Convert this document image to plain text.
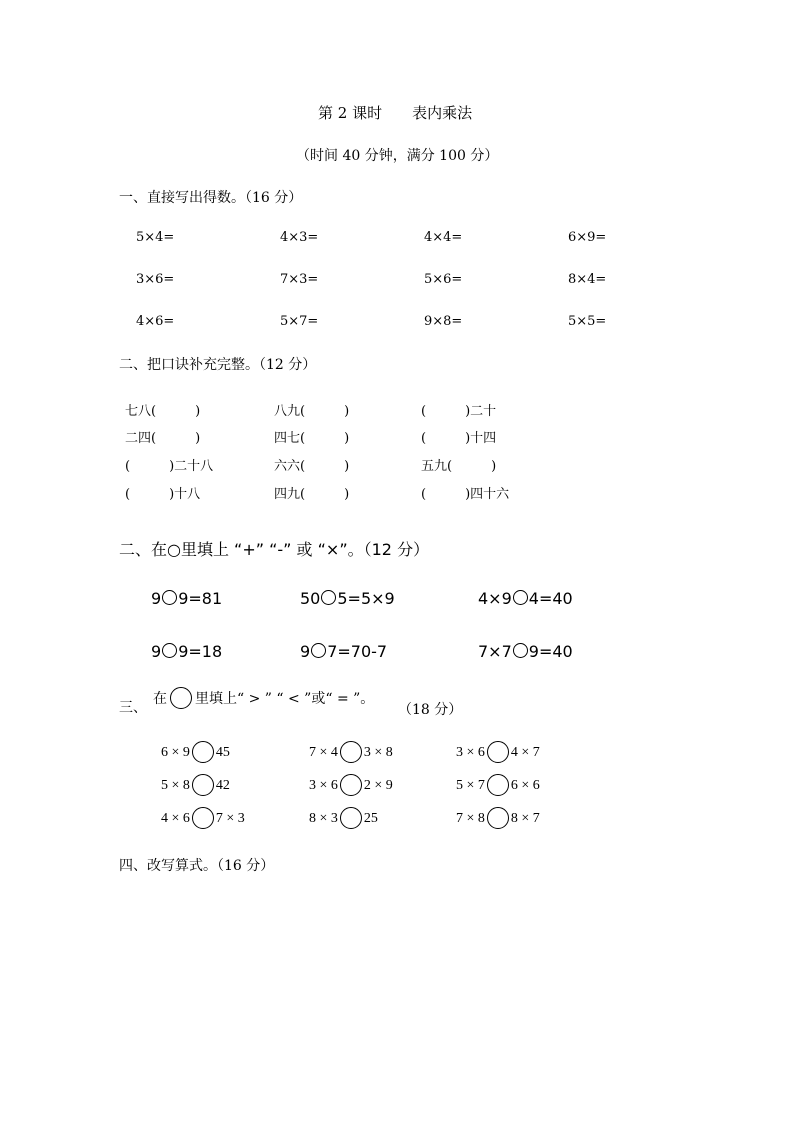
第 2 课时　　表内乘法
（时间 40 分钟，满分 100 分）
一、直接写出得数。（16 分）
5×4=	4×3=	4×4=	6×9=
3×6=	7×3=	5×6=	8×4=
4×6=	5×7=	9×8=	5×5=
二、把口诀补充完整。（12 分）
七八(　　　)	八九(　　　)	(　　　)二十
二四(　　　)	四七(　　　)	(　　　)十四
(　　　)二十八	六六(　　　)	五九(　　　)
(　　　)十八	四九(　　　)	(　　　)四十六
二、在○里填上 “+” “-” 或 “×”。（12 分）
9 9=81	50 5=5×9	4×9 4=40
9 9=18	9 7=70-7	7×7 9=40
三、
在 里填上“ > ” “ < ”或“ = ”。
（18 分）
6 × 9 45	7 × 4 3 × 8	3 × 6 4 × 7
5 × 8 42	3 × 6 2 × 9	5 × 7 6 × 6
4 × 6 7 × 3	8 × 3 25	7 × 8 8 × 7
四、改写算式。（16 分）
